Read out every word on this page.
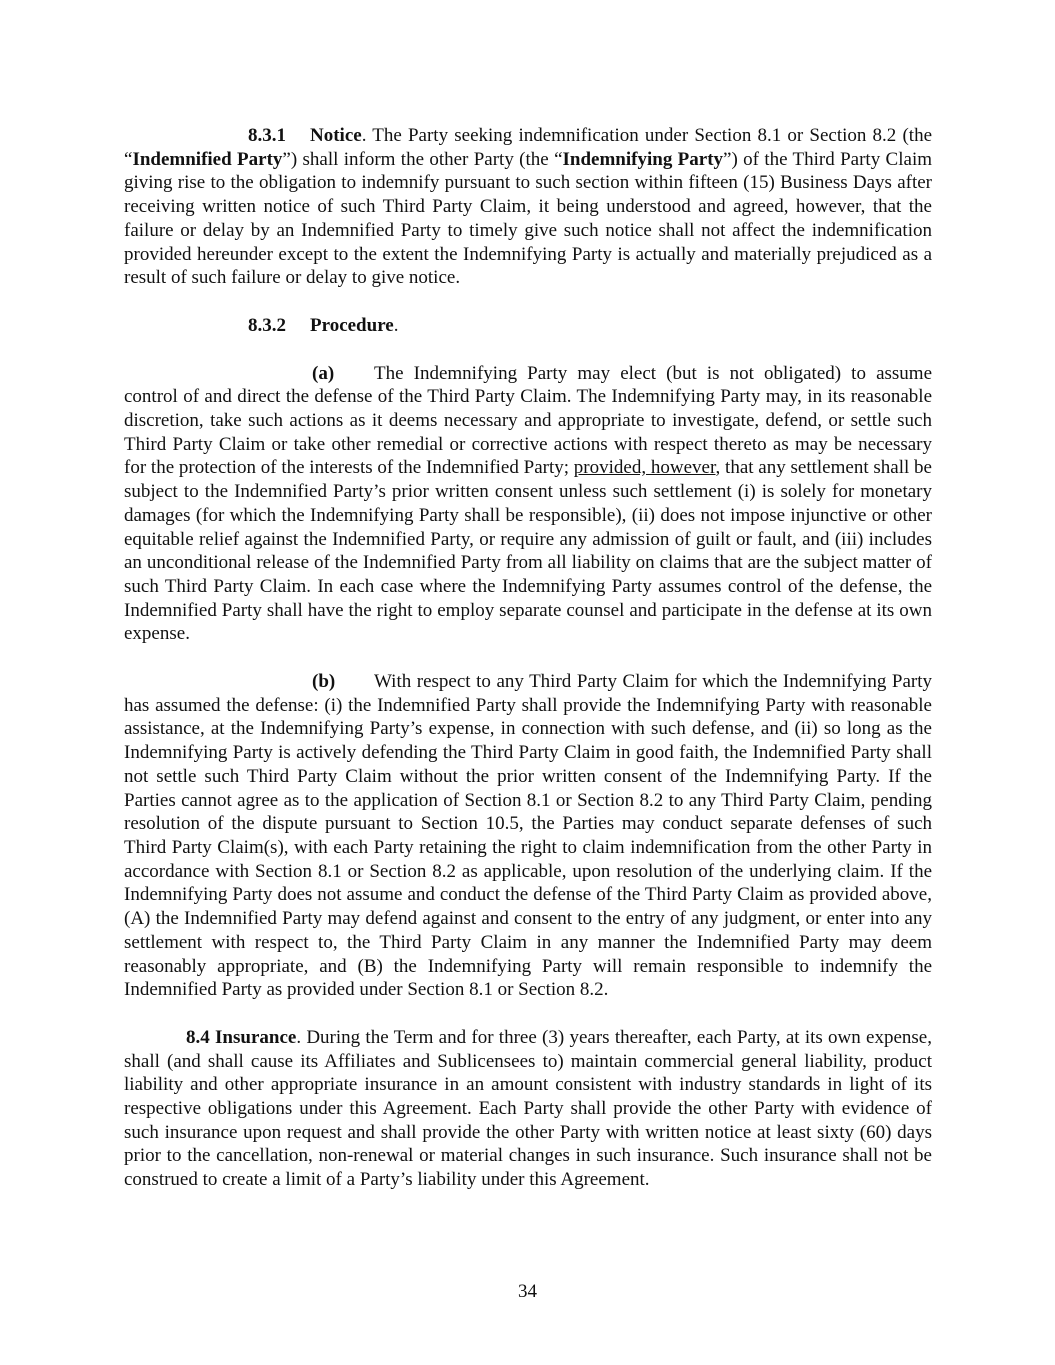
8.3.1 Notice. The Party seeking indemnification under Section 8.1 or Section 8.2 (the “Indemnified Party”) shall inform the other Party (the “Indemnifying Party”) of the Third Party Claim giving rise to the obligation to indemnify pursuant to such section within fifteen (15) Business Days after receiving written notice of such Third Party Claim, it being understood and agreed, however, that the failure or delay by an Indemnified Party to timely give such notice shall not affect the indemnification provided hereunder except to the extent the Indemnifying Party is actually and materially prejudiced as a result of such failure or delay to give notice.

8.3.2 Procedure.

(a) The Indemnifying Party may elect (but is not obligated) to assume control of and direct the defense of the Third Party Claim. The Indemnifying Party may, in its reasonable discretion, take such actions as it deems necessary and appropriate to investigate, defend, or settle such Third Party Claim or take other remedial or corrective actions with respect thereto as may be necessary for the protection of the interests of the Indemnified Party; provided, however, that any settlement shall be subject to the Indemnified Party’s prior written consent unless such settlement (i) is solely for monetary damages (for which the Indemnifying Party shall be responsible), (ii) does not impose injunctive or other equitable relief against the Indemnified Party, or require any admission of guilt or fault, and (iii) includes an unconditional release of the Indemnified Party from all liability on claims that are the subject matter of such Third Party Claim. In each case where the Indemnifying Party assumes control of the defense, the Indemnified Party shall have the right to employ separate counsel and participate in the defense at its own expense.

(b) With respect to any Third Party Claim for which the Indemnifying Party has assumed the defense: (i) the Indemnified Party shall provide the Indemnifying Party with reasonable assistance, at the Indemnifying Party’s expense, in connection with such defense, and (ii) so long as the Indemnifying Party is actively defending the Third Party Claim in good faith, the Indemnified Party shall not settle such Third Party Claim without the prior written consent of the Indemnifying Party. If the Parties cannot agree as to the application of Section 8.1 or Section 8.2 to any Third Party Claim, pending resolution of the dispute pursuant to Section 10.5, the Parties may conduct separate defenses of such Third Party Claim(s), with each Party retaining the right to claim indemnification from the other Party in accordance with Section 8.1 or Section 8.2 as applicable, upon resolution of the underlying claim. If the Indemnifying Party does not assume and conduct the defense of the Third Party Claim as provided above, (A) the Indemnified Party may defend against and consent to the entry of any judgment, or enter into any settlement with respect to, the Third Party Claim in any manner the Indemnified Party may deem reasonably appropriate, and (B) the Indemnifying Party will remain responsible to indemnify the Indemnified Party as provided under Section 8.1 or Section 8.2.

8.4 Insurance. During the Term and for three (3) years thereafter, each Party, at its own expense, shall (and shall cause its Affiliates and Sublicensees to) maintain commercial general liability, product liability and other appropriate insurance in an amount consistent with industry standards in light of its respective obligations under this Agreement. Each Party shall provide the other Party with evidence of such insurance upon request and shall provide the other Party with written notice at least sixty (60) days prior to the cancellation, non-renewal or material changes in such insurance. Such insurance shall not be construed to create a limit of a Party’s liability under this Agreement.

34
